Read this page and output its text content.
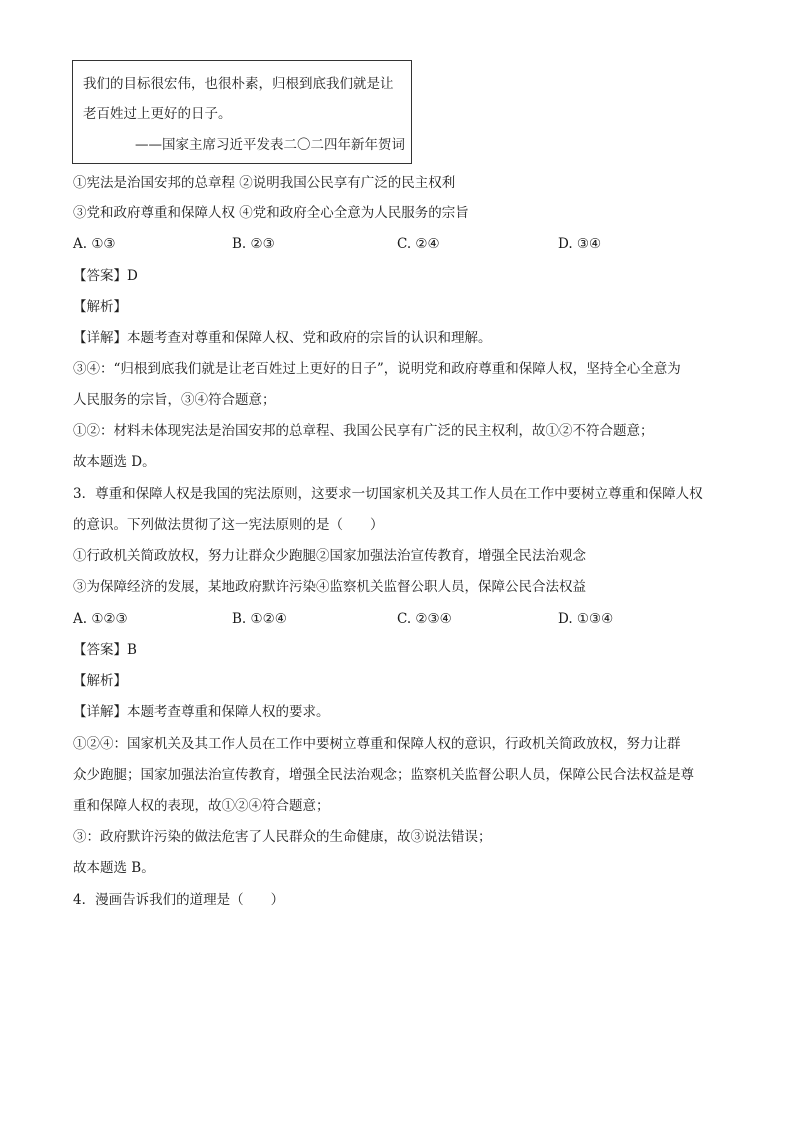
我们的目标很宏伟，也很朴素，归根到底我们就是让
老百姓过上更好的日子。
——国家主席习近平发表二〇二四年新年贺词
①宪法是治国安邦的总章程 ②说明我国公民享有广泛的民主权利
③党和政府尊重和保障人权 ④党和政府全心全意为人民服务的宗旨
A. ①③	B. ②③	C. ②④	D. ③④
【答案】D
【解析】
【详解】本题考查对尊重和保障人权、党和政府的宗旨的认识和理解。
③④：“归根到底我们就是让老百姓过上更好的日子”，说明党和政府尊重和保障人权，坚持全心全意为
人民服务的宗旨，③④符合题意；
①②：材料未体现宪法是治国安邦的总章程、我国公民享有广泛的民主权利，故①②不符合题意；
故本题选 D。
3．尊重和保障人权是我国的宪法原则，这要求一切国家机关及其工作人员在工作中要树立尊重和保障人权
的意识。下列做法贯彻了这一宪法原则的是（　　）
①行政机关简政放权，努力让群众少跑腿②国家加强法治宣传教育，增强全民法治观念
③为保障经济的发展，某地政府默许污染④监察机关监督公职人员，保障公民合法权益
A. ①②③	B. ①②④	C. ②③④	D. ①③④
【答案】B
【解析】
【详解】本题考查尊重和保障人权的要求。
①②④：国家机关及其工作人员在工作中要树立尊重和保障人权的意识，行政机关简政放权，努力让群
众少跑腿；国家加强法治宣传教育，增强全民法治观念；监察机关监督公职人员，保障公民合法权益是尊
重和保障人权的表现，故①②④符合题意；
③：政府默许污染的做法危害了人民群众的生命健康，故③说法错误；
故本题选 B。
4．漫画告诉我们的道理是（　　）
